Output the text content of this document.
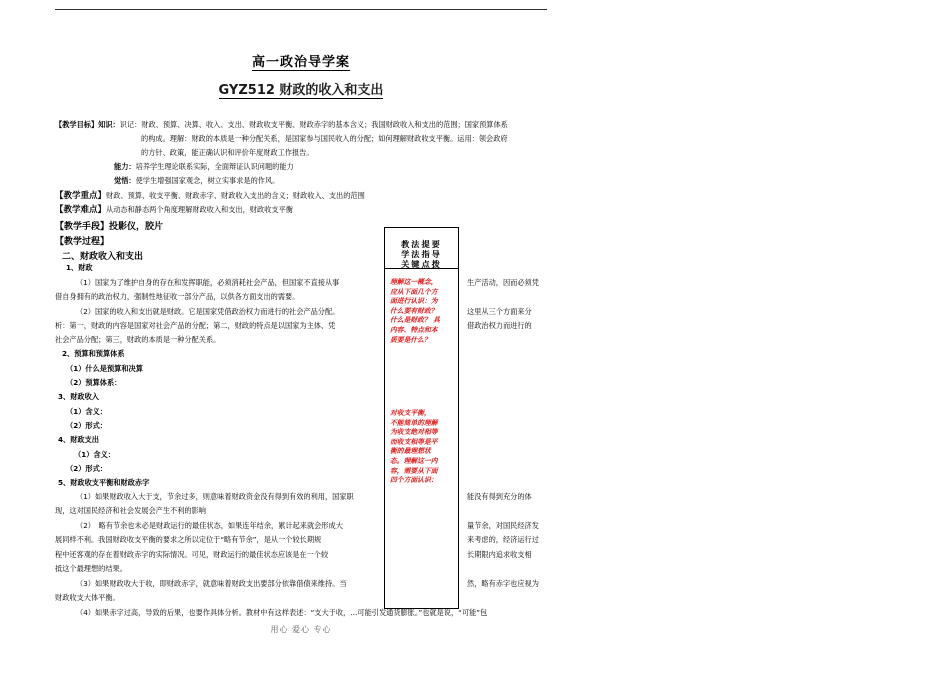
高一政治导学案
GYZ512 财政的收入和支出
【教学目标】知识：识记：财政、预算、决算、收入、支出、财政收支平衡、财政赤字的基本含义；我国财政收入和支出的范围；国家预算体系
的构成。理解：财政的本质是一种分配关系，是国家参与国民收入的分配；如何理解财政收支平衡。运用：领会政府
的方针、政策，能正确认识和评价年度财政工作报告。
能力：培养学生理论联系实际，全面辩证认识问题的能力
觉悟：使学生增强国家观念，树立实事求是的作风。
【教学重点】财政、预算、收支平衡、财政赤字、财政收入支出的含义；财政收入、支出的范围
【教学难点】从动态和静态两个角度理解财政收入和支出，财政收支平衡
【教学手段】投影仪，胶片
【教学过程】
二、财政收入和支出
教法提要
学法指导
关键点拨
理解这一概念，
应从下面几个方
面进行认识：为
什么要有财政？
什么是财政？ 具
内容、特点和本
质要是什么？
对收支平衡，
不能简单的理解
为收支绝对相等
而收支相等是平
衡的最理想状
态。理解这一内
容，需要从下面
四个方面认识：
1、财政
（1）国家为了维护自身的存在和发挥职能，必须消耗社会产品，但国家不直接从事	生产活动，因而必须凭
借自身拥有的政治权力，强制性地征收一部分产品，以供各方面支出的需要。
（2）国家的收入和支出就是财政。它是国家凭借政治权力而进行的社会产品分配。	这里从三个方面来分
析：第一，财政的内容是国家对社会产品的分配；第二，财政的特点是以国家为主体、凭	借政治权力而进行的
社会产品分配；第三，财政的本质是一种分配关系。
2、预算和预算体系
（1）什么是预算和决算
（2）预算体系：
3、财政收入
（1）含义：
（2）形式：
4、财政支出
（1）含义：
（2）形式：
5、财政收支平衡和财政赤字
（1）如果财政收入大于支，节余过多，则意味着财政资金没有得到有效的利用，国家职	能没有得到充分的体
现，这对国民经济和社会发展会产生不利的影响
（2）　略有节余也未必是财政运行的最佳状态，如果连年结余，累计起来就会形成大	量节余，对国民经济发
展同样不利。我国财政收支平衡的要求之所以定位于“略有节余”，是从一个较长期规	来考虑的，经济运行过
程中还客观的存在着财政赤字的实际情况。可见，财政运行的最佳状态应该是在一个较	长期限内追求收支相
抵这个最理想的结果。
（3）如果财政收大于收，即财政赤字，就意味着财政支出要部分依靠借债来维持。当	然，略有赤字也应视为
财政收支大体平衡。
（4）如果赤字过高，导致的后果，也要作具体分析。教材中有这样表述：“支大于收，…可能引发通货膨胀。”也就是说，“可能”包
用心 爱心 专心
